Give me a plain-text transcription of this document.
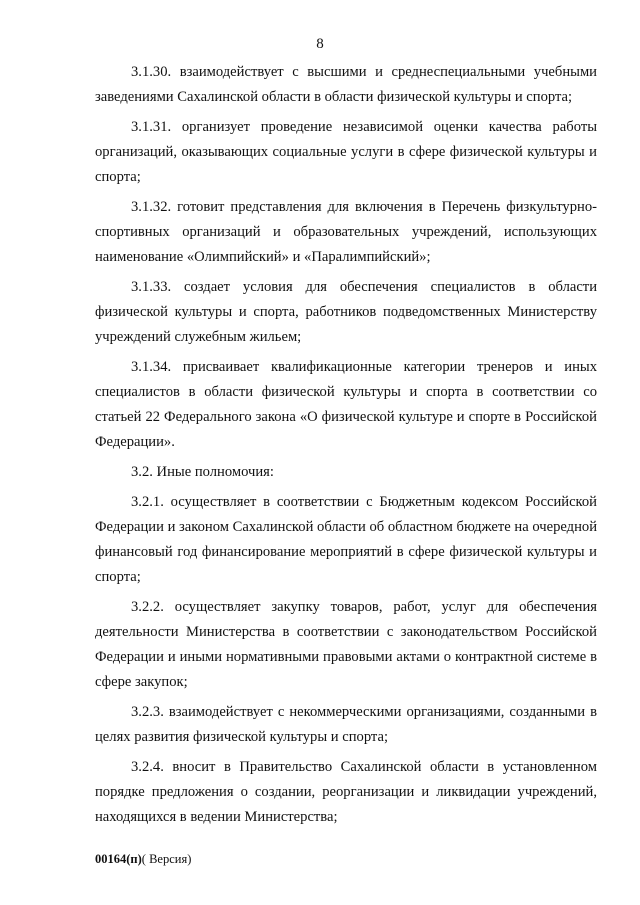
8

3.1.30. взаимодействует с высшими и среднеспециальными учебными заведениями Сахалинской области в области физической культуры и спорта;

3.1.31. организует проведение независимой оценки качества работы организаций, оказывающих социальные услуги в сфере физической культуры и спорта;

3.1.32. готовит представления для включения в Перечень физкультурно-спортивных организаций и образовательных учреждений, использующих наименование «Олимпийский» и «Паралимпийский»;

3.1.33. создает условия для обеспечения специалистов в области физической культуры и спорта, работников подведомственных Министерству учреждений служебным жильем;

3.1.34. присваивает квалификационные категории тренеров и иных специалистов в области физической культуры и спорта в соответствии со статьей 22 Федерального закона «О физической культуре и спорте в Российской Федерации».

3.2. Иные полномочия:

3.2.1. осуществляет в соответствии с Бюджетным кодексом Российской Федерации и законом Сахалинской области об областном бюджете на очередной финансовый год финансирование мероприятий в сфере физической культуры и спорта;

3.2.2. осуществляет закупку товаров, работ, услуг для обеспечения деятельности Министерства в соответствии с законодательством Российской Федерации и иными нормативными правовыми актами о контрактной системе в сфере закупок;

3.2.3. взаимодействует с некоммерческими организациями, созданными в целях развития физической культуры и спорта;

3.2.4. вносит в Правительство Сахалинской области в установленном порядке предложения о создании, реорганизации и ликвидации учреждений, находящихся в ведении Министерства;

00164(п)( Версия)
